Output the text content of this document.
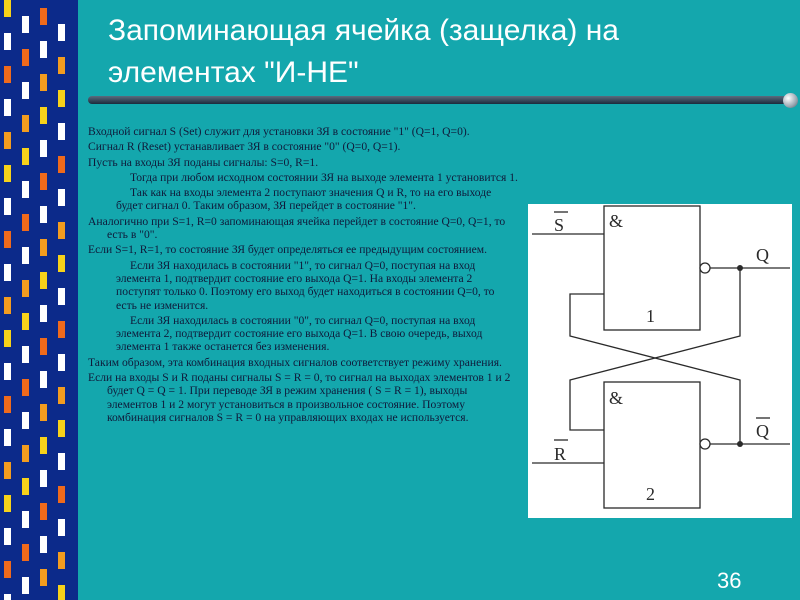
Запоминающая ячейка (защелка) на элементах "И-НЕ"

Входной сигнал S (Set) служит для установки ЗЯ в состояние "1" (Q=1, Q=0).

Сигнал R (Reset) устанавливает ЗЯ в состояние "0" (Q=0, Q=1).

Пусть на входы ЗЯ поданы сигналы: S=0, R=1.

Тогда при любом исходном состоянии ЗЯ на выходе элемента 1 установится 1.

Так как на входы элемента 2 поступают значения Q и R, то на его выходе будет сигнал 0. Таким образом, ЗЯ перейдет в состояние "1".

Аналогично при S=1, R=0 запоминающая ячейка перейдет в состояние Q=0, Q=1, то есть в "0".

Если S=1, R=1, то состояние ЗЯ будет определяться ее предыдущим состоянием.

Если ЗЯ находилась в состоянии "1", то сигнал Q=0, поступая на вход элемента 1, подтвердит состояние его выхода Q=1. На входы элемента 2 поступят только 0. Поэтому его выход будет находиться в состоянии Q=0, то есть не изменится.

Если ЗЯ находилась в состоянии "0", то сигнал Q=0, поступая на вход элемента 2, подтвердит состояние его выхода Q=1. В свою очередь, выход элемента 1 также останется без изменения.

Таким образом, эта комбинация входных сигналов соответствует режиму хранения.

Если на входы S и R поданы сигналы S = R = 0, то сигнал на выходах элементов 1 и 2 будет Q = Q = 1. При переводе ЗЯ в режим хранения ( S = R = 1), выходы элементов 1 и 2 могут установиться в произвольное состояние. Поэтому комбинация сигналов S = R = 0 на управляющих входах не используется.

&
&
1
2
S
R
Q
Q
36
